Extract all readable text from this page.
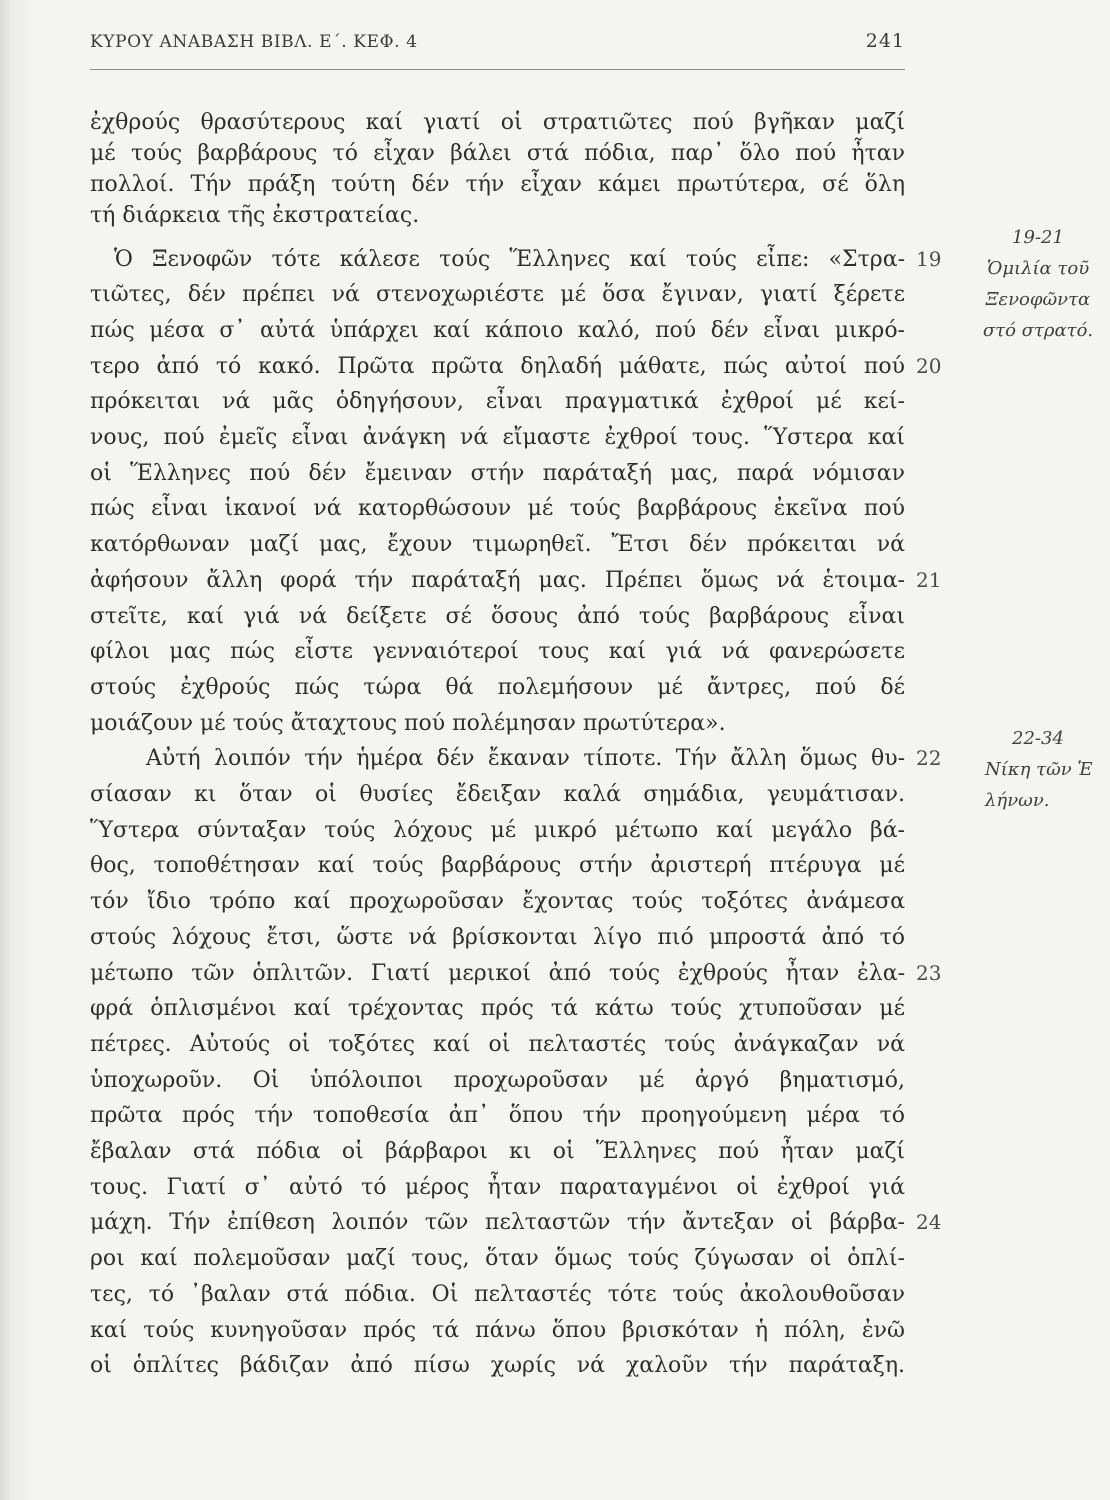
ΚΥΡΟΥ ΑΝΑΒΑΣΗ ΒΙΒΛ. Ε΄. ΚΕΦ. 4	241
ἐχθρούς θρασύτερους καί γιατί οἱ στρατιῶτες πού βγῆκαν μαζί
μέ τούς βαρβάρους τό εἶχαν βάλει στά πόδια, παρ᾽ ὅλο πού ἦταν
πολλοί. Τήν πράξη τούτη δέν τήν εἶχαν κάμει πρωτύτερα, σέ ὅλη
τή διάρκεια τῆς ἐκστρατείας.
Ὁ Ξενοφῶν τότε κάλεσε τούς Ἕλληνες καί τούς εἶπε: «Στρα- 19
τιῶτες, δέν πρέπει νά στενοχωριέστε μέ ὅσα ἔγιναν, γιατί ξέρετε
πώς μέσα σ᾽ αὐτά ὑπάρχει καί κάποιο καλό, πού δέν εἶναι μικρό-
τερο ἀπό τό κακό. Πρῶτα πρῶτα δηλαδή μάθατε, πώς αὐτοί πού 20
πρόκειται νά μᾶς ὁδηγήσουν, εἶναι πραγματικά ἐχθροί μέ κεί-
νους, πού ἐμεῖς εἶναι ἀνάγκη νά εἴμαστε ἐχθροί τους. Ὕστερα καί
οἱ Ἕλληνες πού δέν ἔμειναν στήν παράταξή μας, παρά νόμισαν
πώς εἶναι ἱκανοί νά κατορθώσουν μέ τούς βαρβάρους ἐκεῖνα πού
κατόρθωναν μαζί μας, ἔχουν τιμωρηθεῖ. Ἔτσι δέν πρόκειται νά
ἀφήσουν ἄλλη φορά τήν παράταξή μας. Πρέπει ὅμως νά ἑτοιμα- 21
στεῖτε, καί γιά νά δείξετε σέ ὅσους ἀπό τούς βαρβάρους εἶναι
φίλοι μας πώς εἶστε γενναιότεροί τους καί γιά νά φανερώσετε
στούς ἐχθρούς πώς τώρα θά πολεμήσουν μέ ἄντρες, πού δέ
μοιάζουν μέ τούς ἄταχτους πού πολέμησαν πρωτύτερα».
Αὐτή λοιπόν τήν ἡμέρα δέν ἔκαναν τίποτε. Τήν ἄλλη ὅμως θυ- 22
σίασαν κι ὅταν οἱ θυσίες ἔδειξαν καλά σημάδια, γευμάτισαν.
Ὕστερα σύνταξαν τούς λόχους μέ μικρό μέτωπο καί μεγάλο βά-
θος, τοποθέτησαν καί τούς βαρβάρους στήν ἀριστερή πτέρυγα μέ
τόν ἴδιο τρόπο καί προχωροῦσαν ἔχοντας τούς τοξότες ἀνάμεσα
στούς λόχους ἔτσι, ὥστε νά βρίσκονται λίγο πιό μπροστά ἀπό τό
μέτωπο τῶν ὁπλιτῶν. Γιατί μερικοί ἀπό τούς ἐχθρούς ἦταν ἐλα- 23
φρά ὁπλισμένοι καί τρέχοντας πρός τά κάτω τούς χτυποῦσαν μέ
πέτρες. Αὐτούς οἱ τοξότες καί οἱ πελταστές τούς ἀνάγκαζαν νά
ὑποχωροῦν. Οἱ ὑπόλοιποι προχωροῦσαν μέ ἀργό βηματισμό,
πρῶτα πρός τήν τοποθεσία ἀπ᾽ ὅπου τήν προηγούμενη μέρα τό
ἔβαλαν στά πόδια οἱ βάρβαροι κι οἱ Ἕλληνες πού ἦταν μαζί
τους. Γιατί σ᾽ αὐτό τό μέρος ἦταν παραταγμένοι οἱ ἐχθροί γιά
μάχη. Τήν ἐπίθεση λοιπόν τῶν πελταστῶν τήν ἄντεξαν οἱ βάρβα- 24
ροι καί πολεμοῦσαν μαζί τους, ὅταν ὅμως τούς ζύγωσαν οἱ ὁπλί-
τες, τό ᾽βαλαν στά πόδια. Οἱ πελταστές τότε τούς ἀκολουθοῦσαν
καί τούς κυνηγοῦσαν πρός τά πάνω ὅπου βρισκόταν ἡ πόλη, ἐνῶ
οἱ ὁπλίτες βάδιζαν ἀπό πίσω χωρίς νά χαλοῦν τήν παράταξη.
19-21
Ὁμιλία τοῦ
Ξενοφῶντα
στό στρατό.
22-34
Νίκη τῶν Ἑ
λήνων.
